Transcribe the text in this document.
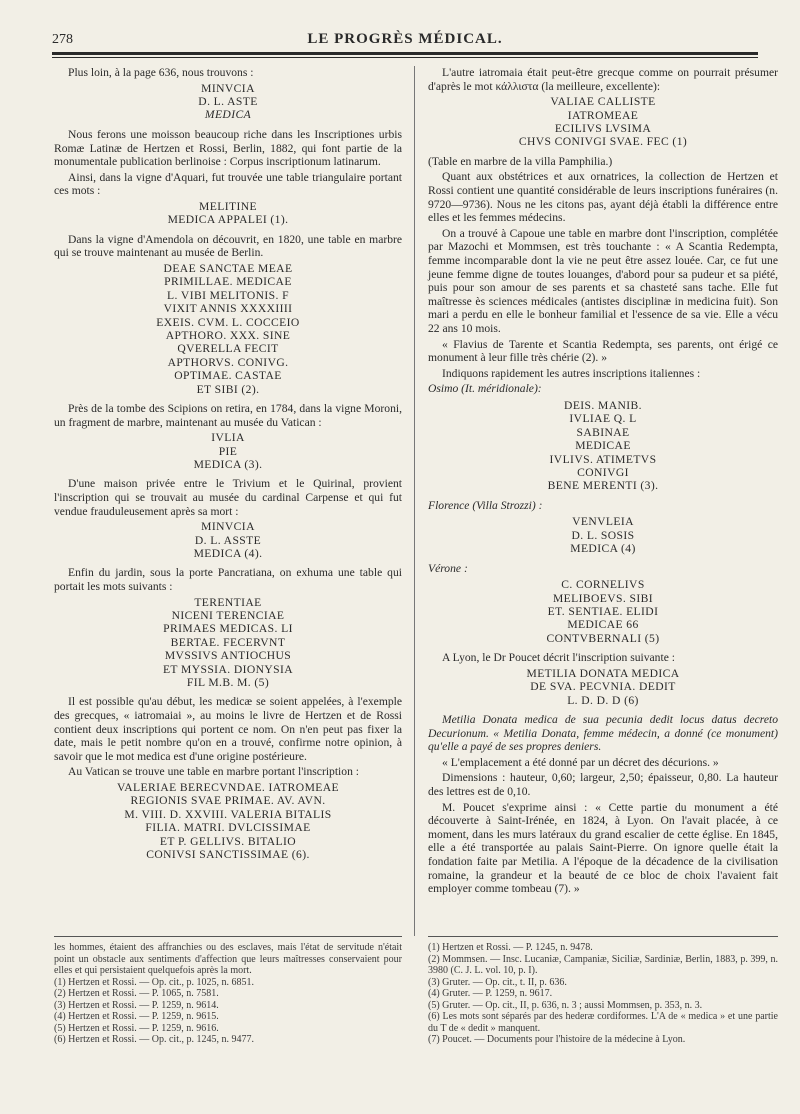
278	LE PROGRÈS MÉDICAL.

Plus loin, à la page 636, nous trouvons :

MINVCIA
D. L. ASTE
MEDICA

Nous ferons une moisson beaucoup riche dans les Inscriptiones urbis Romæ Latinæ de Hertzen et Rossi, Berlin, 1882, qui font partie de la monumentale publication berlinoise : Corpus inscriptionum latinarum.

Ainsi, dans la vigne d'Aquari, fut trouvée une table triangulaire portant ces mots :

MELITINE
MEDICA APPALEI (1).

Dans la vigne d'Amendola on découvrit, en 1820, une table en marbre qui se trouve maintenant au musée de Berlin.

DEAE SANCTAE MEAE
PRIMILLAE. MEDICAE
L. VIBI MELITONIS. F
VIXIT ANNIS XXXXIIII
EXEIS. CVM. L. COCCEIO
APTHORO. XXX. SINE
QVERELLA FECIT
APTHORVS. CONIVG.
OPTIMAE. CASTAE
ET SIBI (2).

Près de la tombe des Scipions on retira, en 1784, dans la vigne Moroni, un fragment de marbre, maintenant au musée du Vatican :

IVLIA
PIE
MEDICA (3).

D'une maison privée entre le Trivium et le Quirinal, provient l'inscription qui se trouvait au musée du cardinal Carpense et qui fut vendue frauduleusement après sa mort :

MINVCIA
D. L. ASSTE
MEDICA (4).

Enfin du jardin, sous la porte Pancratiana, on exhuma une table qui portait les mots suivants :

TERENTIAE
NICENI TERENCIAE
PRIMAES MEDICAS. LI
BERTAE. FECERVNT
MVSSIVS ANTIOCHUS
ET MYSSIA. DIONYSIA
FIL M.B. M. (5)

Il est possible qu'au début, les medicæ se soient appelées, à l'exemple des grecques, « iatromaiai », au moins le livre de Hertzen et de Rossi contient deux inscriptions qui portent ce nom. On n'en peut pas fixer la date, mais le petit nombre qu'on en a trouvé, confirme notre opinion, à savoir que le mot medica est d'une origine postérieure.

Au Vatican se trouve une table en marbre portant l'inscription :

VALERIAE BERECVNDAE. IATROMEAE
REGIONIS SVAE PRIMAE. AV. AVN.
M. VIII. D. XXVIII. VALERIA BITALIS
FILIA. MATRI. DVLCISSIMAE
ET P. GELLIVS. BITALIO
CONIVSI SANCTISSIMAE (6).

L'autre iatromaia était peut-être grecque comme on pourrait présumer d'après le mot κάλλιστα (la meilleure, excellente):

VALIAE CALLISTE
IATROMEAE
ECILIVS LVSIMA
CHVS CONIVGI SVAE. FEC (1)

(Table en marbre de la villa Pamphilia.)

Quant aux obstétrices et aux ornatrices, la collection de Hertzen et Rossi contient une quantité considérable de leurs inscriptions funéraires (n. 9720—9736). Nous ne les citons pas, ayant déjà établi la différence entre elles et les femmes médecins.

On a trouvé à Capoue une table en marbre dont l'inscription, complétée par Mazochi et Mommsen, est très touchante : « A Scantia Redempta, femme incomparable dont la vie ne peut être assez louée. Car, ce fut une jeune femme digne de toutes louanges, d'abord pour sa pudeur et sa piété, puis pour son amour de ses parents et sa chasteté sans tache. Elle fut maîtresse ès sciences médicales (antistes disciplinæ in medicina fuit). Son mari a perdu en elle le bonheur familial et l'essence de sa vie. Elle a vécu 22 ans 10 mois.

« Flavius de Tarente et Scantia Redempta, ses parents, ont érigé ce monument à leur fille très chérie (2). »

Indiquons rapidement les autres inscriptions italiennes :

Osimo (It. méridionale):
DEIS. MANIB.
IVLIAE Q. L
SABINAE
MEDICAE
IVLIVS. ATIMETVS
CONIVGI
BENE MERENTI (3).
Florence (Villa Strozzi) :
VENVLEIA
D. L. SOSIS
MEDICA (4)
Vérone :
C. CORNELIVS
MELIBOEVS. SIBI
ET. SENTIAE. ELIDI
MEDICAE 66
CONTVBERNALI (5)

A Lyon, le Dr Poucet décrit l'inscription suivante :

METILIA DONATA MEDICA
DE SVA. PECVNIA. DEDIT
L. D. D. D (6)

Metilia Donata medica de sua pecunia dedit locus datus decreto Decurionum. « Metilia Donata, femme médecin, a donné (ce monument) qu'elle a payé de ses propres deniers.

« L'emplacement a été donné par un décret des décurions. »

Dimensions : hauteur, 0,60; largeur, 2,50; épaisseur, 0,80. La hauteur des lettres est de 0,10.

M. Poucet s'exprime ainsi : « Cette partie du monument a été découverte à Saint-Irénée, en 1824, à Lyon. On l'avait placée, à ce moment, dans les murs latéraux du grand escalier de cette église. En 1845, elle a été transportée au palais Saint-Pierre. On ignore quelle était la fondation faite par Metilia. A l'époque de la décadence de la civilisation romaine, la grandeur et la beauté de ce bloc de choix l'avaient fait employer comme tombeau (7). »

les hommes, étaient des affranchies ou des esclaves, mais l'état de servitude n'était point un obstacle aux sentiments d'affection que leurs maîtresses conservaient pour elles et qui persistaient quelquefois après la mort.

(1) Hertzen et Rossi. — Op. cit., p. 1025, n. 6851.

(2) Hertzen et Rossi. — P. 1065, n. 7581.

(3) Hertzen et Rossi. — P. 1259, n. 9614.

(4) Hertzen et Rossi. — P. 1259, n. 9615.

(5) Hertzen et Rossi. — P. 1259, n. 9616.

(6) Hertzen et Rossi. — Op. cit., p. 1245, n. 9477.

(1) Hertzen et Rossi. — P. 1245, n. 9478.

(2) Mommsen. — Insc. Lucaniæ, Campaniæ, Siciliæ, Sardiniæ, Berlin, 1883, p. 399, n. 3980 (C. J. L. vol. 10, p. I).

(3) Gruter. — Op. cit., t. II, p. 636.

(4) Gruter. — P. 1259, n. 9617.

(5) Gruter. — Op. cit., II, p. 636, n. 3 ; aussi Mommsen, p. 353, n. 3.

(6) Les mots sont séparés par des hederæ cordiformes. L'A de « medica » et une partie du T de « dedit » manquent.

(7) Poucet. — Documents pour l'histoire de la médecine à Lyon.
